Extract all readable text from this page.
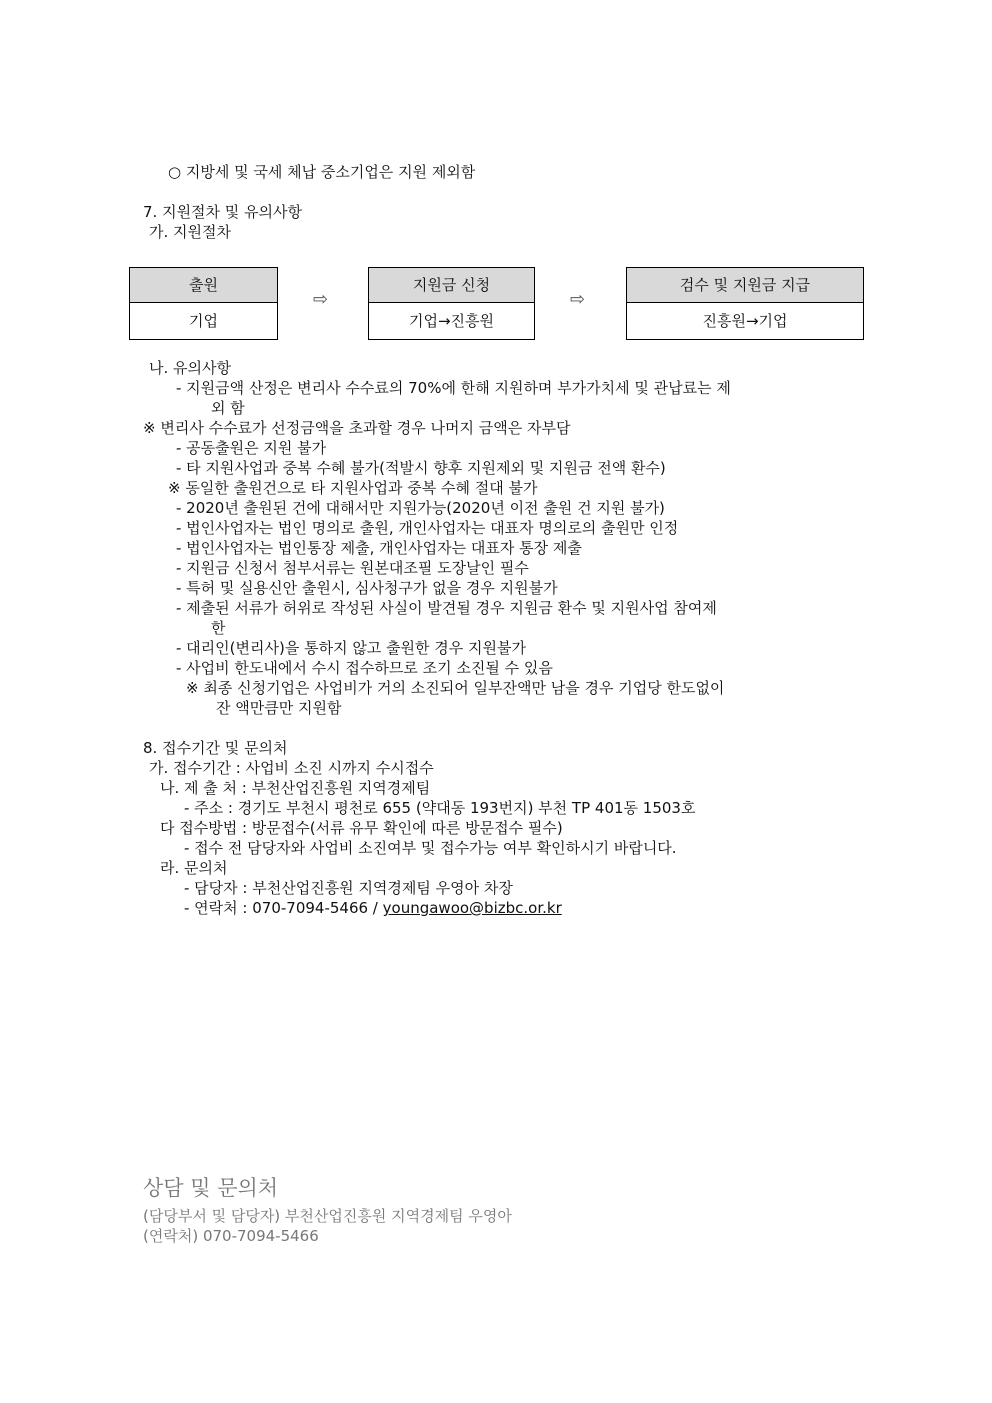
○ 지방세 및 국세 체납 중소기업은 지원 제외함
7. 지원절차 및 유의사항
가. 지원절차
출원
기업
⇨
지원금 신청
기업→진흥원
⇨
검수 및 지원금 지급
진흥원→기업
나. 유의사항
- 지원금액 산정은 변리사 수수료의 70%에 한해 지원하며 부가가치세 및 관납료는 제
외 함
※ 변리사 수수료가 선정금액을 초과할 경우 나머지 금액은 자부담
- 공동출원은 지원 불가
- 타 지원사업과 중복 수혜 불가(적발시 향후 지원제외 및 지원금 전액 환수)
※ 동일한 출원건으로 타 지원사업과 중복 수혜 절대 불가
- 2020년 출원된 건에 대해서만 지원가능(2020년 이전 출원 건 지원 불가)
- 법인사업자는 법인 명의로 출원, 개인사업자는 대표자 명의로의 출원만 인정
- 법인사업자는 법인통장 제출, 개인사업자는 대표자 통장 제출
- 지원금 신청서 첨부서류는 원본대조필 도장날인 필수
- 특허 및 실용신안 출원시, 심사청구가 없을 경우 지원불가
- 제출된 서류가 허위로 작성된 사실이 발견될 경우 지원금 환수 및 지원사업 참여제
한
- 대리인(변리사)을 통하지 않고 출원한 경우 지원불가
- 사업비 한도내에서 수시 접수하므로 조기 소진될 수 있음
※ 최종 신청기업은 사업비가 거의 소진되어 일부잔액만 남을 경우 기업당 한도없이
잔 액만큼만 지원함
8. 접수기간 및 문의처
가. 접수기간 : 사업비 소진 시까지 수시접수
나. 제 출 처 : 부천산업진흥원 지역경제팀
- 주소 : 경기도 부천시 평천로 655 (약대동 193번지) 부천 TP 401동 1503호
다 접수방법 : 방문접수(서류 유무 확인에 따른 방문접수 필수)
- 접수 전 담당자와 사업비 소진여부 및 접수가능 여부 확인하시기 바랍니다.
라. 문의처
- 담당자 : 부천산업진흥원 지역경제팀 우영아 차장
- 연락처 : 070-7094-5466 / youngawoo@bizbc.or.kr
상담 및 문의처
(담당부서 및 담당자) 부천산업진흥원 지역경제팀 우영아
(연락처) 070-7094-5466
